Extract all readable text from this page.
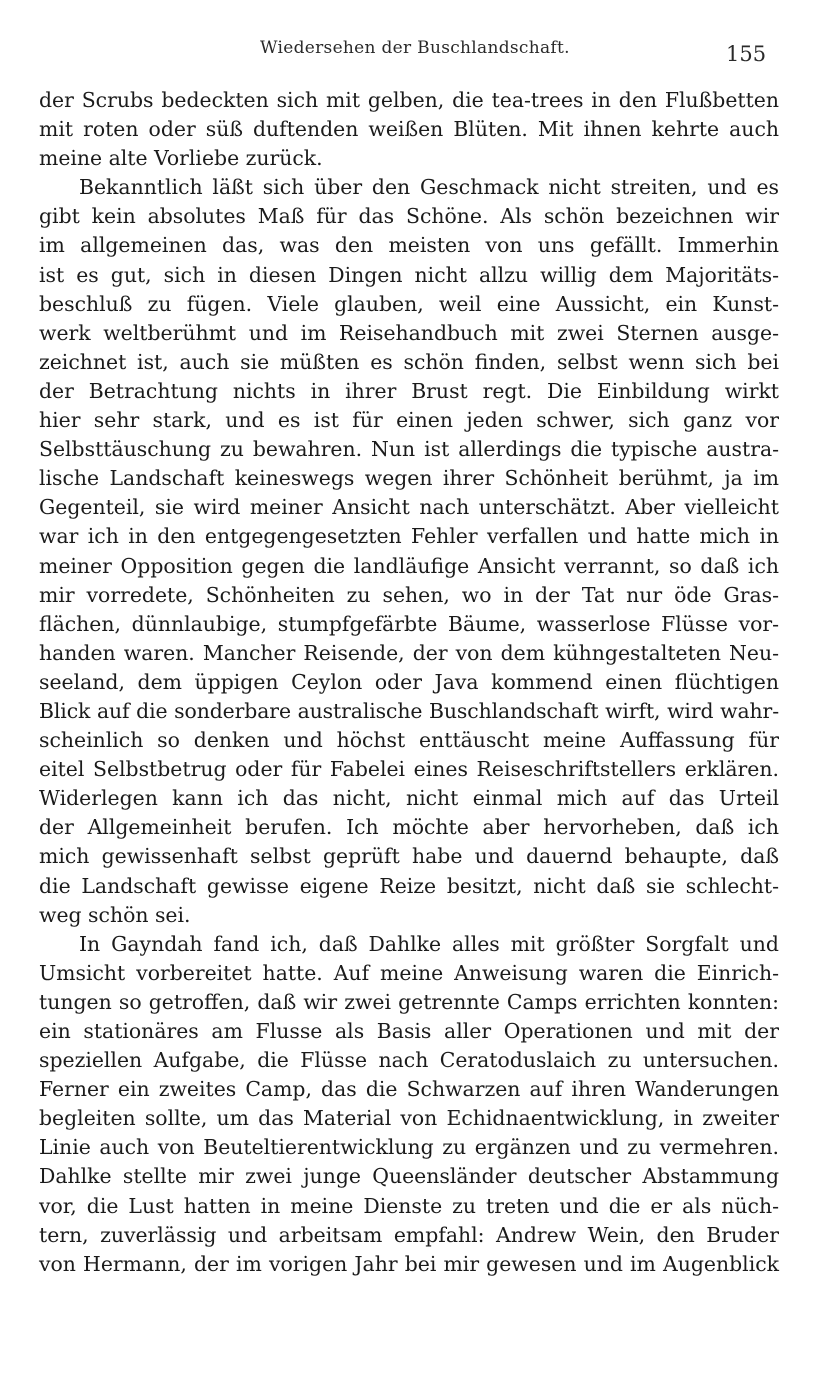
Wiedersehen der Buschlandschaft.	155
der Scrubs bedeckten sich mit gelben, die tea-trees in den Flußbetten
mit roten oder süß duftenden weißen Blüten. Mit ihnen kehrte auch
meine alte Vorliebe zurück.
Bekanntlich läßt sich über den Geschmack nicht streiten, und es
gibt kein absolutes Maß für das Schöne. Als schön bezeichnen wir
im allgemeinen das, was den meisten von uns gefällt. Immerhin
ist es gut, sich in diesen Dingen nicht allzu willig dem Majoritäts-
beschluß zu fügen. Viele glauben, weil eine Aussicht, ein Kunst-
werk weltberühmt und im Reisehandbuch mit zwei Sternen ausge-
zeichnet ist, auch sie müßten es schön finden, selbst wenn sich bei
der Betrachtung nichts in ihrer Brust regt. Die Einbildung wirkt
hier sehr stark, und es ist für einen jeden schwer, sich ganz vor
Selbsttäuschung zu bewahren. Nun ist allerdings die typische austra-
lische Landschaft keineswegs wegen ihrer Schönheit berühmt, ja im
Gegenteil, sie wird meiner Ansicht nach unterschätzt. Aber vielleicht
war ich in den entgegengesetzten Fehler verfallen und hatte mich in
meiner Opposition gegen die landläufige Ansicht verrannt, so daß ich
mir vorredete, Schönheiten zu sehen, wo in der Tat nur öde Gras-
flächen, dünnlaubige, stumpfgefärbte Bäume, wasserlose Flüsse vor-
handen waren. Mancher Reisende, der von dem kühngestalteten Neu-
seeland, dem üppigen Ceylon oder Java kommend einen flüchtigen
Blick auf die sonderbare australische Buschlandschaft wirft, wird wahr-
scheinlich so denken und höchst enttäuscht meine Auffassung für
eitel Selbstbetrug oder für Fabelei eines Reiseschriftstellers erklären.
Widerlegen kann ich das nicht, nicht einmal mich auf das Urteil
der Allgemeinheit berufen. Ich möchte aber hervorheben, daß ich
mich gewissenhaft selbst geprüft habe und dauernd behaupte, daß
die Landschaft gewisse eigene Reize besitzt, nicht daß sie schlecht-
weg schön sei.
In Gayndah fand ich, daß Dahlke alles mit größter Sorgfalt und
Umsicht vorbereitet hatte. Auf meine Anweisung waren die Einrich-
tungen so getroffen, daß wir zwei getrennte Camps errichten konnten:
ein stationäres am Flusse als Basis aller Operationen und mit der
speziellen Aufgabe, die Flüsse nach Ceratoduslaich zu untersuchen.
Ferner ein zweites Camp, das die Schwarzen auf ihren Wanderungen
begleiten sollte, um das Material von Echidnaentwicklung, in zweiter
Linie auch von Beuteltierentwicklung zu ergänzen und zu vermehren.
Dahlke stellte mir zwei junge Queensländer deutscher Abstammung
vor, die Lust hatten in meine Dienste zu treten und die er als nüch-
tern, zuverlässig und arbeitsam empfahl: Andrew Wein, den Bruder
von Hermann, der im vorigen Jahr bei mir gewesen und im Augenblick
